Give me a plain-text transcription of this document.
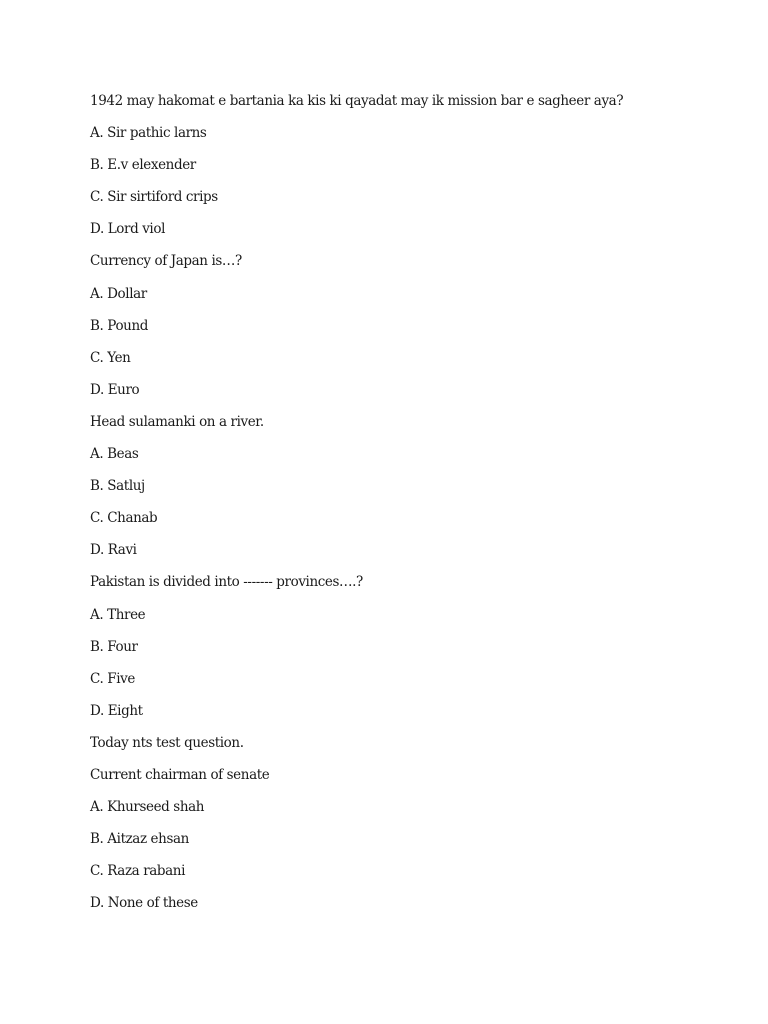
1942 may hakomat e bartania ka kis ki qayadat may ik mission bar e sagheer aya?
A. Sir pathic larns
B. E.v elexender
C. Sir sirtiford crips
D. Lord viol
Currency of Japan is…?
A. Dollar
B. Pound
C. Yen
D. Euro
Head sulamanki on a river.
A. Beas
B. Satluj
C. Chanab
D. Ravi
Pakistan is divided into ------- provinces….?
A. Three
B. Four
C. Five
D. Eight
Today nts test question.
Current chairman of senate
A. Khurseed shah
B. Aitzaz ehsan
C. Raza rabani
D. None of these
